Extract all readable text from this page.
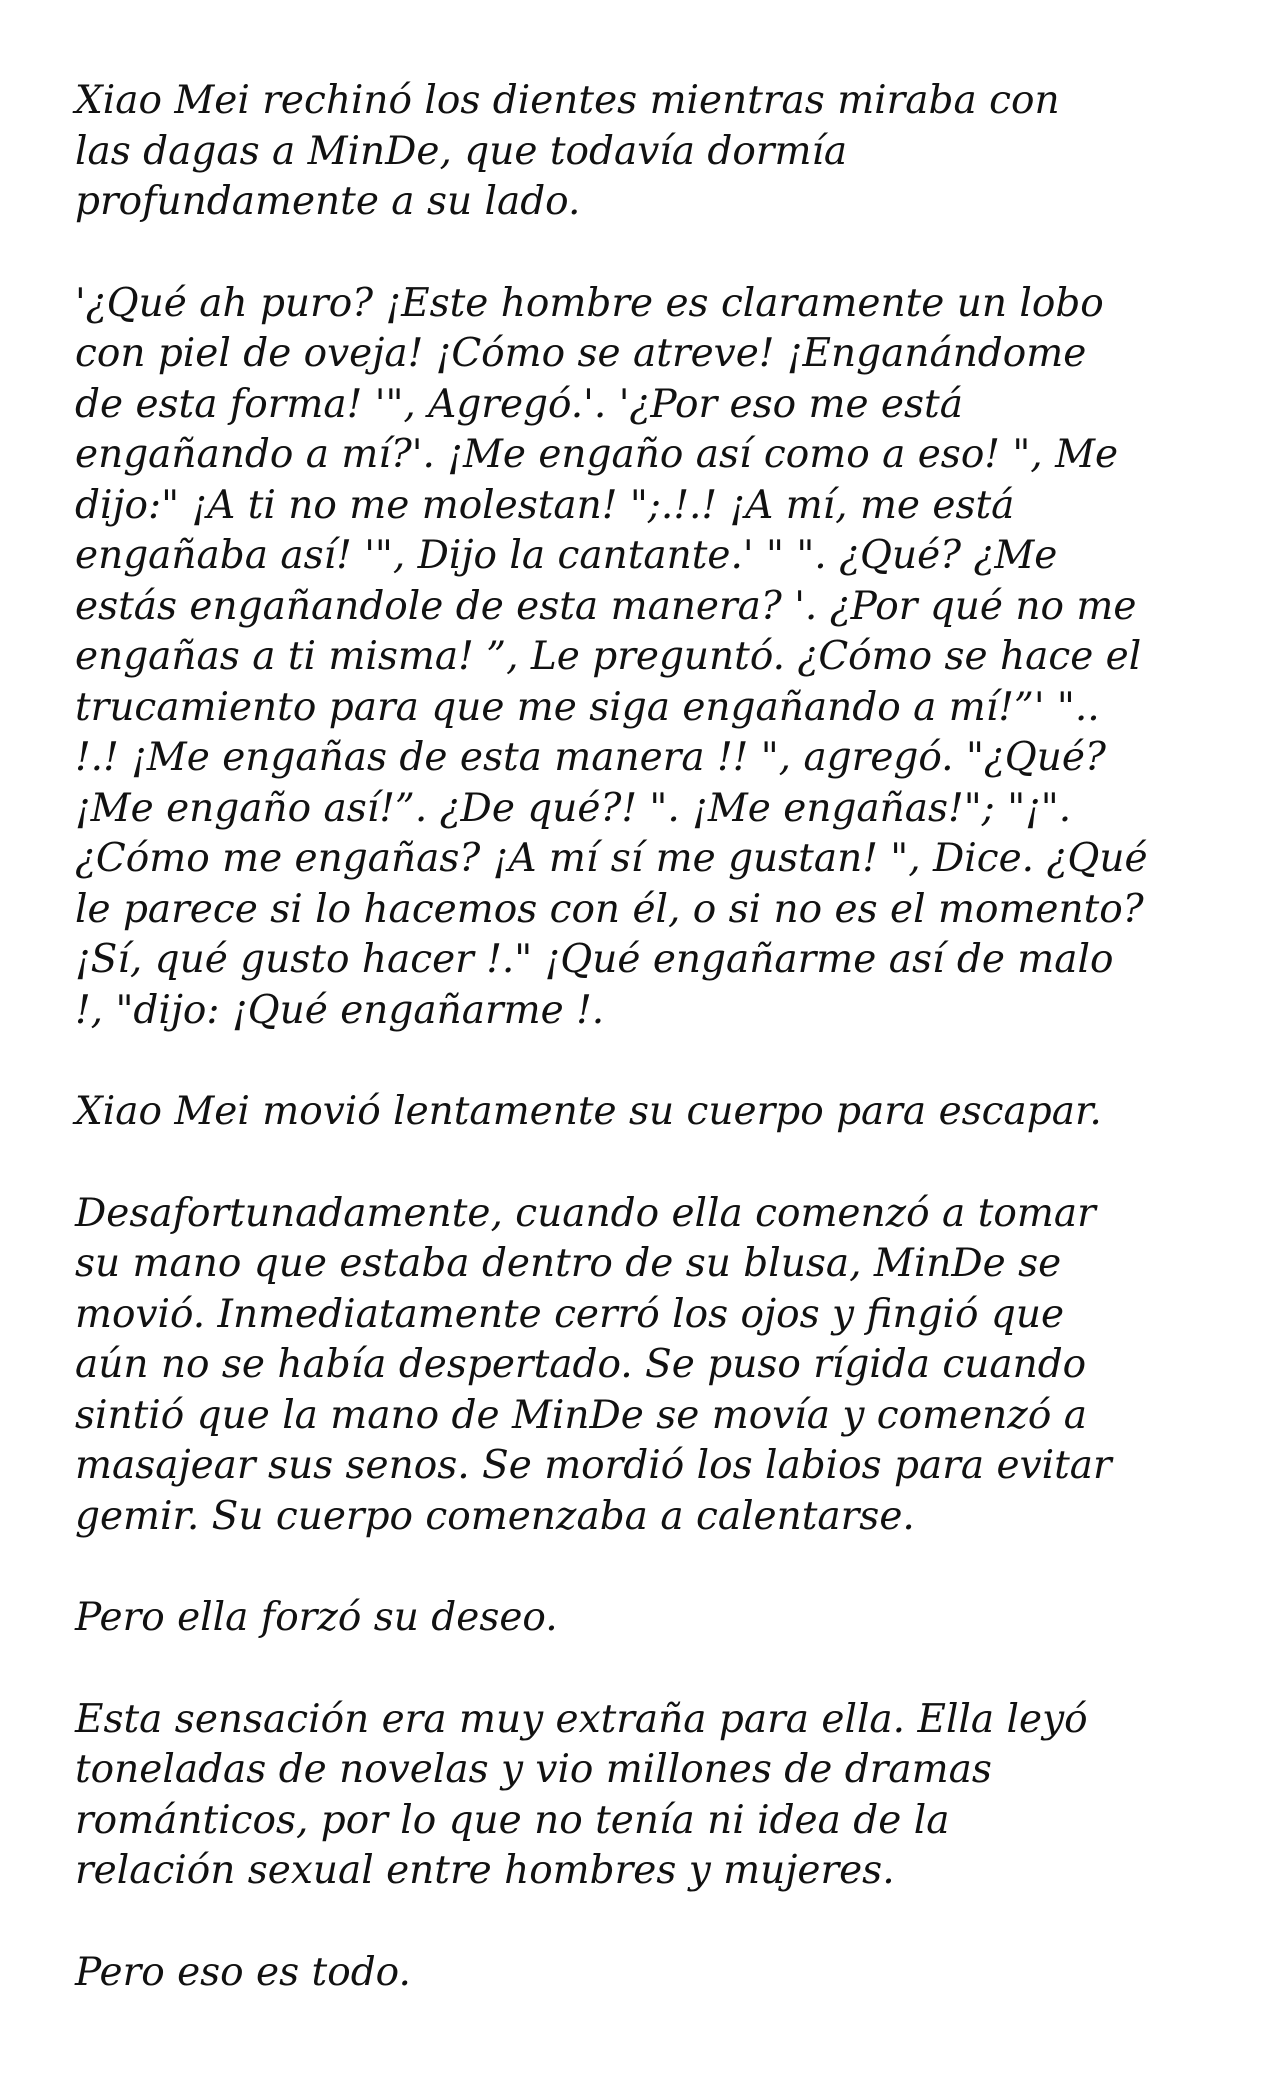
Xiao Mei rechinó los dientes mientras miraba con
las dagas a MinDe, que todavía dormía
profundamente a su lado.

'¿Qué ah puro? ¡Este hombre es claramente un lobo
con piel de oveja! ¡Cómo se atreve! ¡Enganándome
de esta forma! '", Agregó.'. '¿Por eso me está
engañando a mí?'. ¡Me engaño así como a eso! ", Me
dijo:" ¡A ti no me molestan! ";.!.! ¡A mí, me está
engañaba así! '", Dijo la cantante.' " ". ¿Qué? ¿Me
estás engañandole de esta manera? '. ¿Por qué no me
engañas a ti misma! ”, Le preguntó. ¿Cómo se hace el
trucamiento para que me siga engañando a mí!”' "..
!.! ¡Me engañas de esta manera !! ", agregó. "¿Qué?
¡Me engaño así!”. ¿De qué?! ". ¡Me engañas!"; "¡".
¿Cómo me engañas? ¡A mí sí me gustan! ", Dice. ¿Qué
le parece si lo hacemos con él, o si no es el momento?
¡Sí, qué gusto hacer !." ¡Qué engañarme así de malo
!, "dijo: ¡Qué engañarme !.

Xiao Mei movió lentamente su cuerpo para escapar.

Desafortunadamente, cuando ella comenzó a tomar
su mano que estaba dentro de su blusa, MinDe se
movió. Inmediatamente cerró los ojos y fingió que
aún no se había despertado. Se puso rígida cuando
sintió que la mano de MinDe se movía y comenzó a
masajear sus senos. Se mordió los labios para evitar
gemir. Su cuerpo comenzaba a calentarse.

Pero ella forzó su deseo.

Esta sensación era muy extraña para ella. Ella leyó
toneladas de novelas y vio millones de dramas
románticos, por lo que no tenía ni idea de la
relación sexual entre hombres y mujeres.

Pero eso es todo.
